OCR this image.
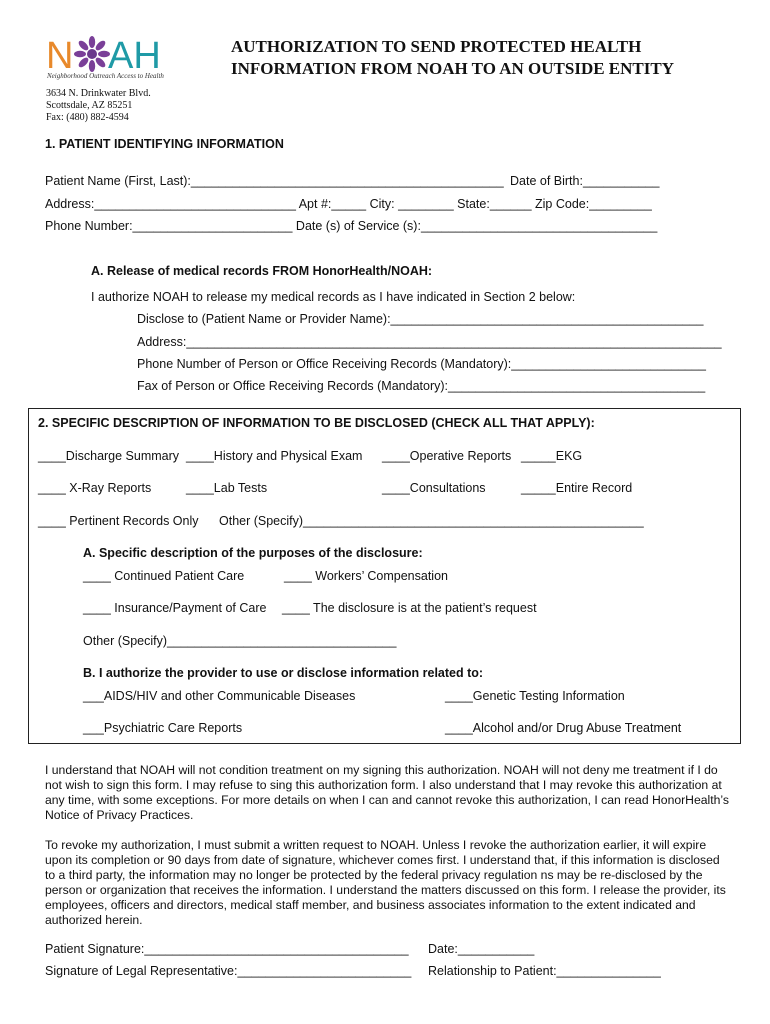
N AH
Neighborhood Outreach Access to Health
3634 N. Drinkwater Blvd.
Scottsdale, AZ 85251
Fax: (480) 882-4594
AUTHORIZATION TO SEND PROTECTED HEALTH
INFORMATION FROM NOAH TO AN OUTSIDE ENTITY
1. PATIENT IDENTIFYING INFORMATION
Patient Name (First, Last):_____________________________________________ Date of Birth:___________
Address:_____________________________ Apt #:_____ City: ________ State:______ Zip Code:_________
Phone Number:_______________________ Date (s) of Service (s):__________________________________
A. Release of medical records FROM HonorHealth/NOAH:
I authorize NOAH to release my medical records as I have indicated in Section 2 below:
Disclose to (Patient Name or Provider Name):_____________________________________________
Address:_____________________________________________________________________________
Phone Number of Person or Office Receiving Records (Mandatory):____________________________
Fax of Person or Office Receiving Records (Mandatory):_____________________________________
2. SPECIFIC DESCRIPTION OF INFORMATION TO BE DISCLOSED (CHECK ALL THAT APPLY):
____Discharge Summary ____History and Physical Exam ____Operative Reports _____EKG
____ X-Ray Reports	____Lab Tests	____Consultations	_____Entire Record
____ Pertinent Records Only Other (Specify)_________________________________________________
A. Specific description of the purposes of the disclosure:
____ Continued Patient Care	____ Workers’ Compensation
____ Insurance/Payment of Care ____ The disclosure is at the patient’s request
Other (Specify)_________________________________
B. I authorize the provider to use or disclose information related to:
___AIDS/HIV and other Communicable Diseases	____Genetic Testing Information
___Psychiatric Care Reports	____Alcohol and/or Drug Abuse Treatment
I understand that NOAH will not condition treatment on my signing this authorization. NOAH will not deny me treatment if I do not wish to sign this form. I may refuse to sing this authorization form. I also understand that I may revoke this authorization at any time, with some exceptions. For more details on when I can and cannot revoke this authorization, I can read HonorHealth’s Notice of Privacy Practices.
To revoke my authorization, I must submit a written request to NOAH. Unless I revoke the authorization earlier, it will expire upon its completion or 90 days from date of signature, whichever comes first. I understand that, if this information is disclosed to a third party, the information may no longer be protected by the federal privacy regulation ns may be re-disclosed by the person or organization that receives the information. I understand the matters discussed on this form. I release the provider, its employees, officers and directors, medical staff member, and business associates information to the extent indicated and authorized herein.
Patient Signature:______________________________________ Date:___________
Signature of Legal Representative:_________________________ Relationship to Patient:_______________
